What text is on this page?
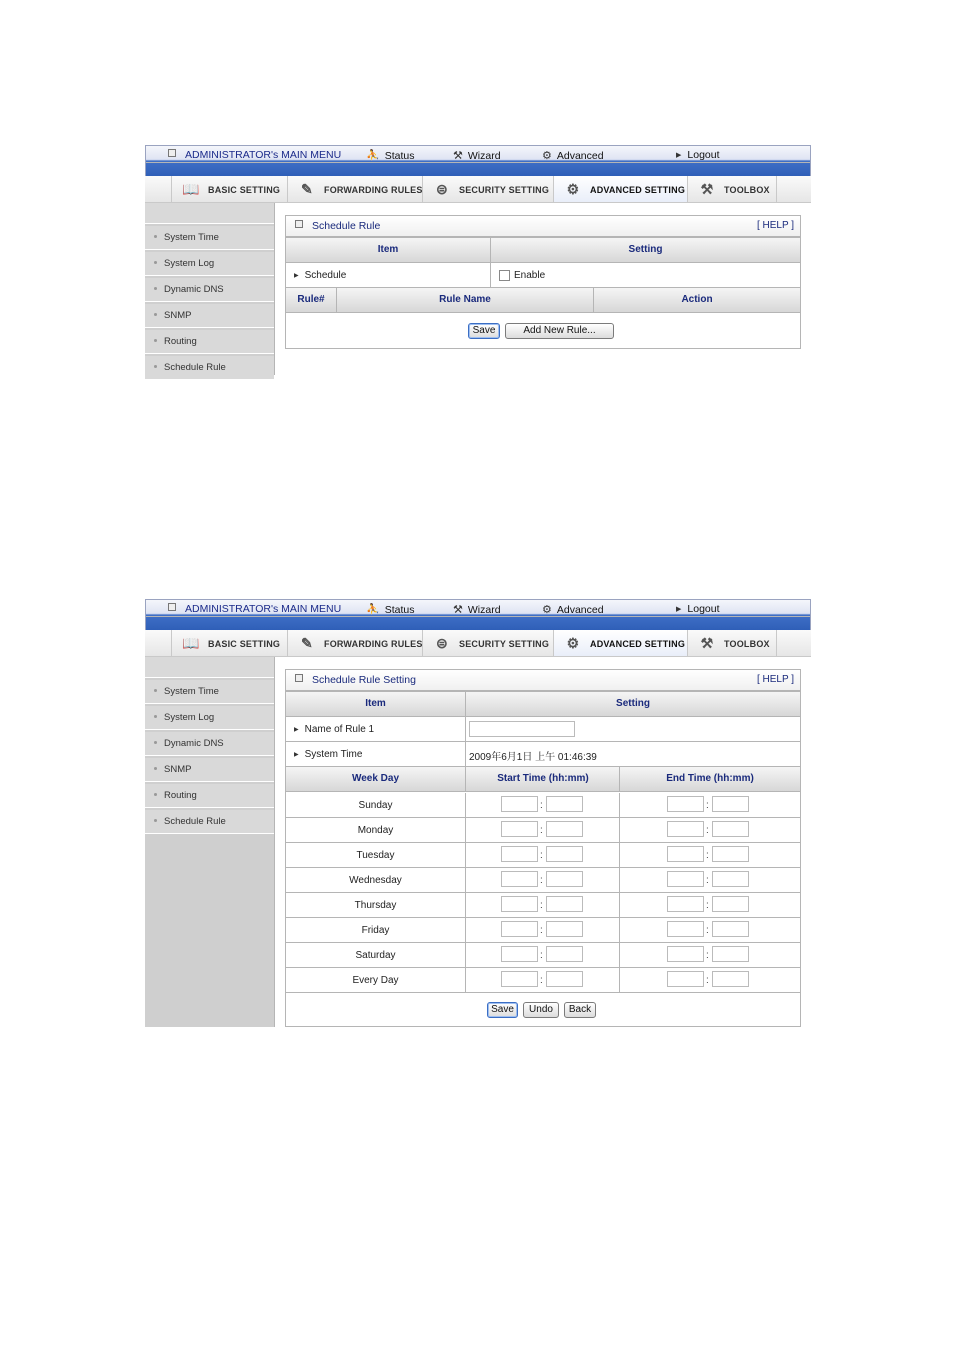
ADMINISTRATOR's MAIN MENU ⛹ Status	⚒ Wizard	⚙ Advanced	▶ Logout
📖 BASIC SETTING	✎ FORWARDING RULES ⊜ SECURITY SETTING	⚙ ADVANCED SETTING	⚒ TOOLBOX
System Time
System Log
Dynamic DNS
SNMP
Routing
Schedule Rule
Schedule Rule	[ HELP ]
Item	Setting
▶ Schedule	Enable
Rule#	Rule Name	Action
Save	Add New Rule...
ADMINISTRATOR's MAIN MENU ⛹ Status	⚒ Wizard	⚙ Advanced	▶ Logout
📖 BASIC SETTING	✎ FORWARDING RULES ⊜ SECURITY SETTING	⚙ ADVANCED SETTING	⚒ TOOLBOX
System Time
System Log
Dynamic DNS
SNMP
Routing
Schedule Rule
Schedule Rule Setting	[ HELP ]
Item	Setting
▶ Name of Rule 1
▶ System Time	2009年6月1日 上午 01:46:39
Week Day	Start Time (hh:mm)	End Time (hh:mm)
Sunday	:	:
Monday	:	:
Tuesday	:	:
Wednesday	:	:
Thursday	:	:
Friday	:	:
Saturday	:	:
Every Day	:	:
Save	Undo	Back
